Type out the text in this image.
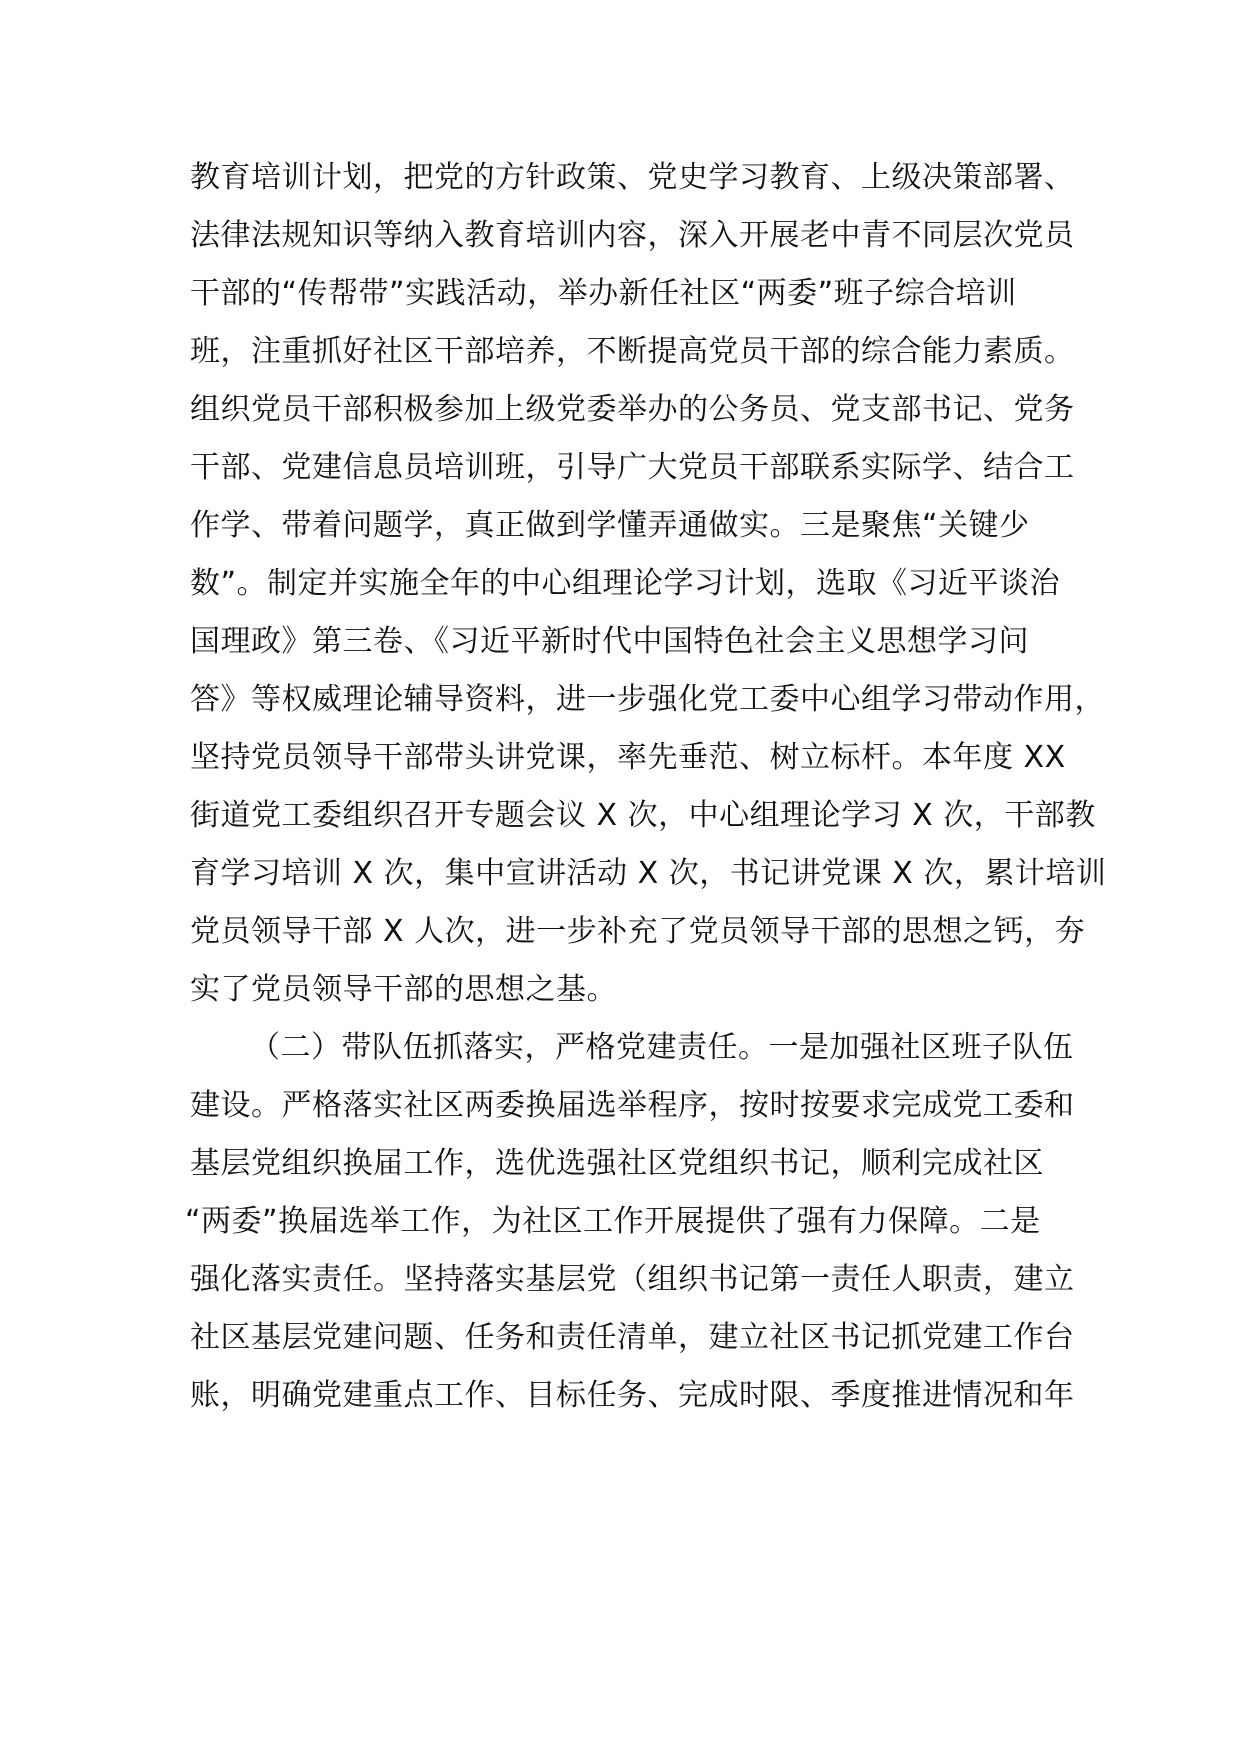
教育培训计划，把党的方针政策、党史学习教育、上级决策部署、
法律法规知识等纳入教育培训内容，深入开展老中青不同层次党员
干部的“传帮带”实践活动，举办新任社区“两委”班子综合培训
班，注重抓好社区干部培养，不断提高党员干部的综合能力素质。
组织党员干部积极参加上级党委举办的公务员、党支部书记、党务
干部、党建信息员培训班，引导广大党员干部联系实际学、结合工
作学、带着问题学，真正做到学懂弄通做实。三是聚焦“关键少
数”。制定并实施全年的中心组理论学习计划，选取《习近平谈治
国理政》第三卷、《习近平新时代中国特色社会主义思想学习问
答》等权威理论辅导资料，进一步强化党工委中心组学习带动作用，
坚持党员领导干部带头讲党课，率先垂范、树立标杆。本年度 XX
街道党工委组织召开专题会议 X 次，中心组理论学习 X 次，干部教
育学习培训 X 次，集中宣讲活动 X 次，书记讲党课 X 次，累计培训
党员领导干部 X 人次，进一步补充了党员领导干部的思想之钙，夯
实了党员领导干部的思想之基。
（二）带队伍抓落实，严格党建责任。一是加强社区班子队伍
建设。严格落实社区两委换届选举程序，按时按要求完成党工委和
基层党组织换届工作，选优选强社区党组织书记，顺利完成社区
“两委”换届选举工作，为社区工作开展提供了强有力保障。二是
强化落实责任。坚持落实基层党（组织书记第一责任人职责，建立
社区基层党建问题、任务和责任清单，建立社区书记抓党建工作台
账，明确党建重点工作、目标任务、完成时限、季度推进情况和年
